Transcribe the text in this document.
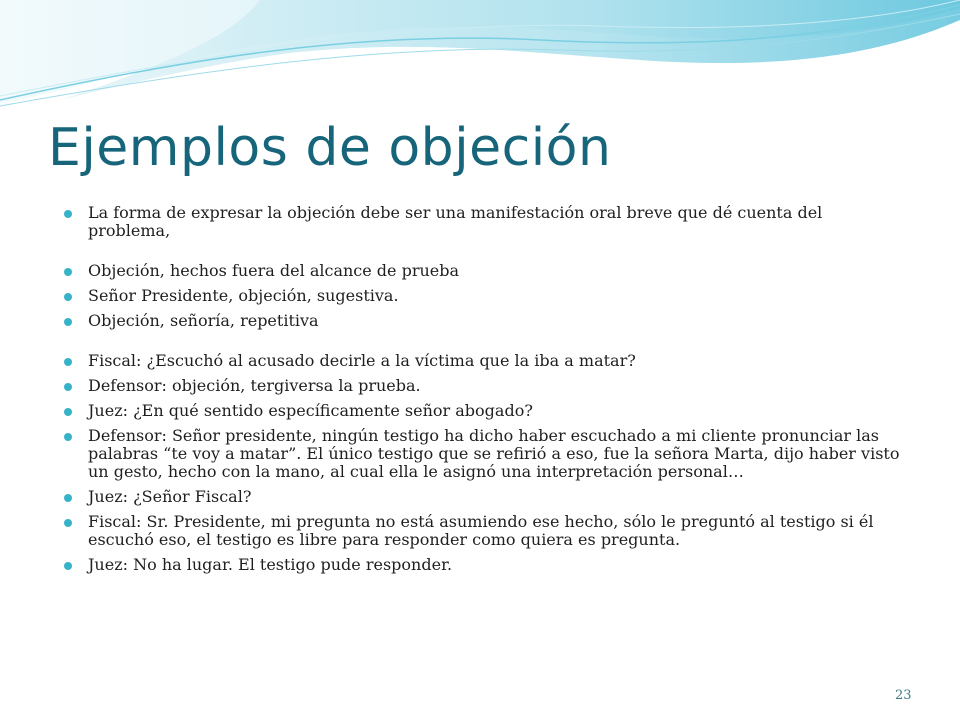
Ejemplos de objeción
La forma de expresar la objeción debe ser una manifestación oral breve que dé cuenta del problema,
Objeción, hechos fuera del alcance de prueba
Señor Presidente, objeción, sugestiva.
Objeción, señoría, repetitiva
Fiscal: ¿Escuchó al acusado decirle a la víctima que la iba a matar?
Defensor: objeción, tergiversa la prueba.
Juez: ¿En qué sentido específicamente señor abogado?
Defensor: Señor presidente, ningún testigo ha dicho haber escuchado a mi cliente pronunciar las palabras “te voy a matar”. El único testigo que se refirió a eso, fue la señora Marta, dijo haber visto un gesto, hecho con la mano, al cual ella le asignó una interpretación personal…
Juez: ¿Señor Fiscal?
Fiscal: Sr. Presidente, mi pregunta no está asumiendo ese hecho, sólo le preguntó al testigo si él escuchó eso, el testigo es libre para responder como quiera es pregunta.
Juez: No ha lugar. El testigo pude responder.
23
